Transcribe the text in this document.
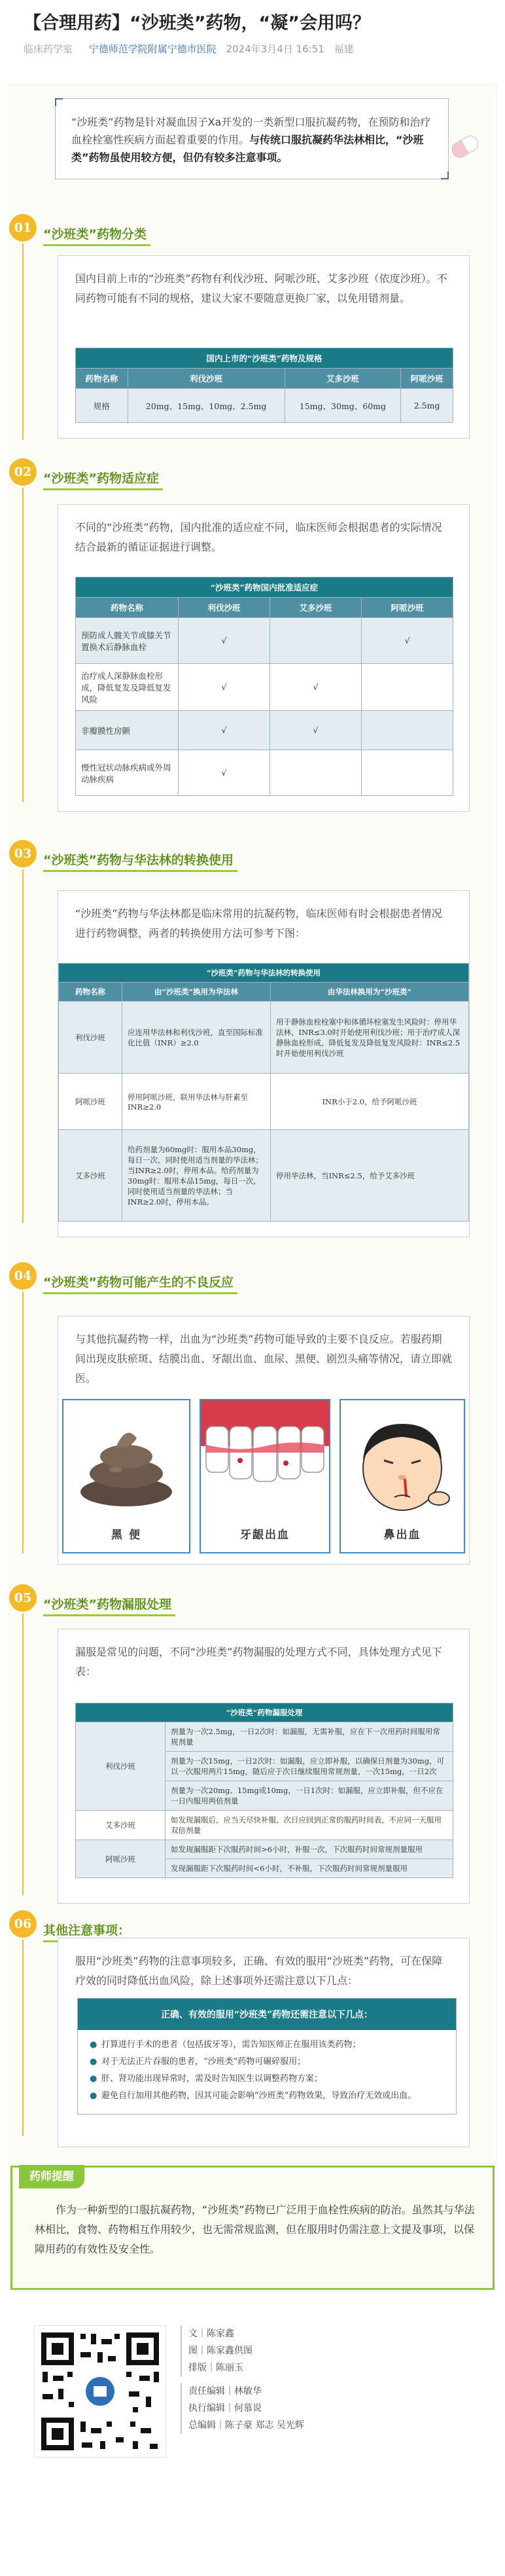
【合理用药】“沙班类”药物，“凝”会用吗？
临床药学室 宁德师范学院附属宁德市医院 2024年3月4日 16:51 福建
“沙班类”药物是针对凝血因子Xa开发的一类新型口服抗凝药物，在预防和治疗血栓栓塞性疾病方面起着重要的作用。与传统口服抗凝药华法林相比，“沙班类”药物虽使用较方便，但仍有较多注意事项。
01 “沙班类”药物分类
国内目前上市的“沙班类”药物有利伐沙班、阿哌沙班、艾多沙班（依度沙班）。不同药物可能有不同的规格，建议大家不要随意更换厂家，以免用错剂量。
国内上市的“沙班类”药物及规格			
药物名称	利伐沙班	艾多沙班	阿哌沙班
规格	20mg、15mg、10mg、2.5mg	15mg、30mg、60mg	2.5mg
02 “沙班类”药物适应症
不同的“沙班类”药物，国内批准的适应症不同，临床医师会根据患者的实际情况结合最新的循证证据进行调整。
“沙班类”药物国内批准适应症			
药物名称	利伐沙班	艾多沙班	阿哌沙班
预防成人髋关节或膝关节置换术后静脉血栓	√		√
治疗成人深静脉血栓形成，降低复发及降低复发风险	√	√	
非瓣膜性房颤	√	√	
慢性冠状动脉疾病或外周动脉疾病	√		
03 “沙班类”药物与华法林的转换使用
“沙班类”药物与华法林都是临床常用的抗凝药物，临床医师有时会根据患者情况进行药物调整，两者的转换使用方法可参考下图：
“沙班类”药物与华法林的转换使用		
药物名称	由“沙班类”换用为华法林	由华法林换用为“沙班类”
利伐沙班	应连用华法林和利伐沙班，直至国际标准化比值（INR）≥2.0	用于静脉血栓栓塞中和体循环栓塞发生风险时：停用华法林，INR≤3.0时开始使用利伐沙班；用于治疗成人深静脉血栓形成，降低复发及降低复发风险时：INR≤2.5时开始使用利伐沙班
阿哌沙班	停用阿哌沙班，联用华法林与肝素至INR≥2.0	INR小于2.0，给予阿哌沙班
艾多沙班	给药剂量为60mg时：服用本品30mg，每日一次，同时使用适当剂量的华法林；当INR≥2.0时，停用本品。给药剂量为30mg时：服用本品15mg，每日一次，同时使用适当剂量的华法林；当INR≥2.0时，停用本品。	停用华法林，当INR≤2.5，给予艾多沙班
04 “沙班类”药物可能产生的不良反应
与其他抗凝药物一样，出血为“沙班类”药物可能导致的主要不良反应。若服药期间出现皮肤瘀斑、结膜出血、牙龈出血、血尿、黑便、剧烈头痛等情况，请立即就医。
黑 便	牙龈出血	鼻出血
05 “沙班类”药物漏服处理
漏服是常见的问题，不同“沙班类”药物漏服的处理方式不同，具体处理方式见下表：
“沙班类”药物漏服处理	
利伐沙班	剂量为一次2.5mg，一日2次时：如漏服，无需补服，应在下一次用药时间服用常规剂量
	剂量为一次15mg，一日2次时：如漏服，应立即补服，以确保日剂量为30mg，可以一次服用两片15mg，随后应于次日继续服用常规剂量，一次15mg，一日2次
	剂量为一次20mg、15mg或10mg，一日1次时：如漏服，应立即补服，但不应在一日内服用两倍剂量
艾多沙班	如发现漏服后，应当天尽快补服，次日应回到正常的服药时间表，不应同一天服用双倍剂量
阿哌沙班	如发现漏服距下次服药时间>6小时，补服一次，下次服药时间常规剂量服用
	发现漏服距下次服药时间<6小时，不补服，下次服药时间常规剂量服用
06 其他注意事项：
服用“沙班类”药物的注意事项较多，正确、有效的服用“沙班类”药物，可在保障疗效的同时降低出血风险，除上述事项外还需注意以下几点：
正确、有效的服用“沙班类”药物还需注意以下几点：
● 打算进行手术的患者（包括拔牙等），需告知医师正在服用该类药物；
● 对于无法正片吞服的患者，“沙班类”药物可碾碎服用；
● 肝、肾功能出现异常时，需及时告知医生以调整药物方案；
● 避免自行加用其他药物，因其可能会影响“沙班类”药物效果，导致治疗无效或出血。
药师提醒
作为一种新型的口服抗凝药物，“沙班类”药物已广泛用于血栓性疾病的防治。虽然其与华法林相比，食物、药物相互作用较少，也无需常规监测，但在服用时仍需注意上文提及事项，以保障用药的有效性及安全性。
文｜陈家鑫
图｜陈家鑫供图
排版｜陈丽玉
责任编辑｜林敏华
执行编辑｜何慕说
总编辑｜陈子豪 郑志 吴光辉
